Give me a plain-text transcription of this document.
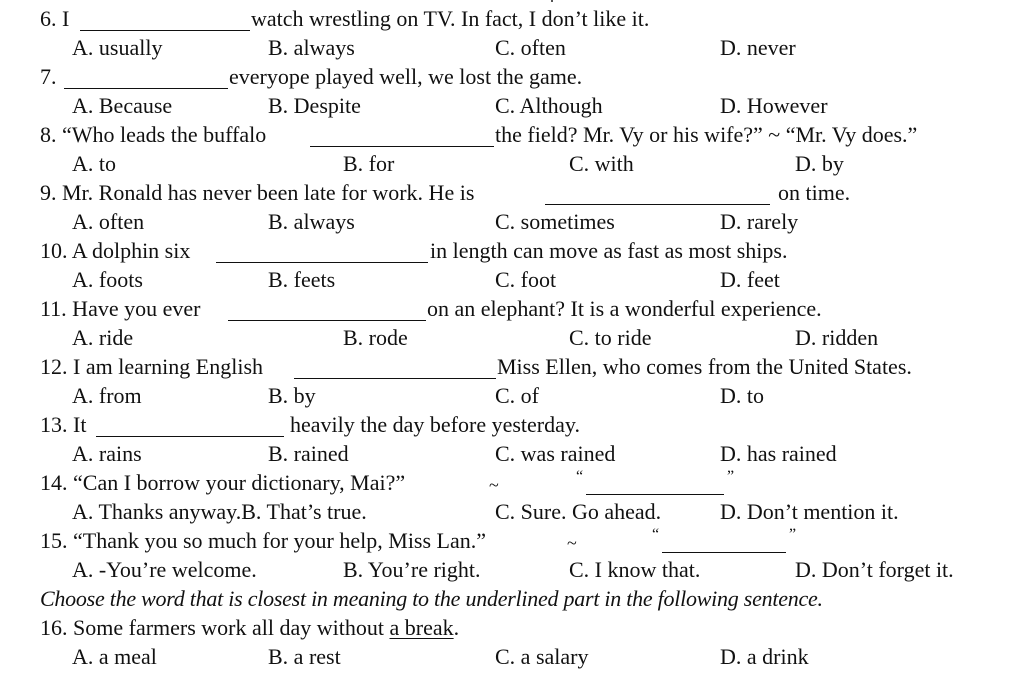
6. I	watch wrestling on TV. In fact, I don’t like it.
A. usually	B. always	C. often	D. never
7.	everyope played well, we lost the game.
A. Because	B. Despite	C. Although	D. However
8. “Who leads the buffalo	the field? Mr. Vy or his wife?” ~ “Mr. Vy does.”
A. to	B. for	C. with	D. by
9. Mr. Ronald has never been late for work. He is	on time.
A. often	B. always	C. sometimes	D. rarely
10. A dolphin six	in length can move as fast as most ships.
A. foots	B. feets	C. foot	D. feet
11. Have you ever	on an elephant? It is a wonderful experience.
A. ride	B. rode	C. to ride	D. ridden
12. I am learning English	Miss Ellen, who comes from the United States.
A. from	B. by	C. of	D. to
13. It	heavily the day before yesterday.
A. rains	B. rained	C. was rained	D. has rained
14. “Can I borrow your dictionary, Mai?”	~	“	”
A. Thanks anyway.B. That’s true.	C. Sure. Go ahead.	D. Don’t mention it.
15. “Thank you so much for your help, Miss Lan.”	~	“	”
A. -You’re welcome.	B. You’re right.	C. I know that.	D. Don’t forget it.
Choose the word that is closest in meaning to the underlined part in the following sentence.
16. Some farmers work all day without a break.
A. a meal	B. a rest	C. a salary	D. a drink
